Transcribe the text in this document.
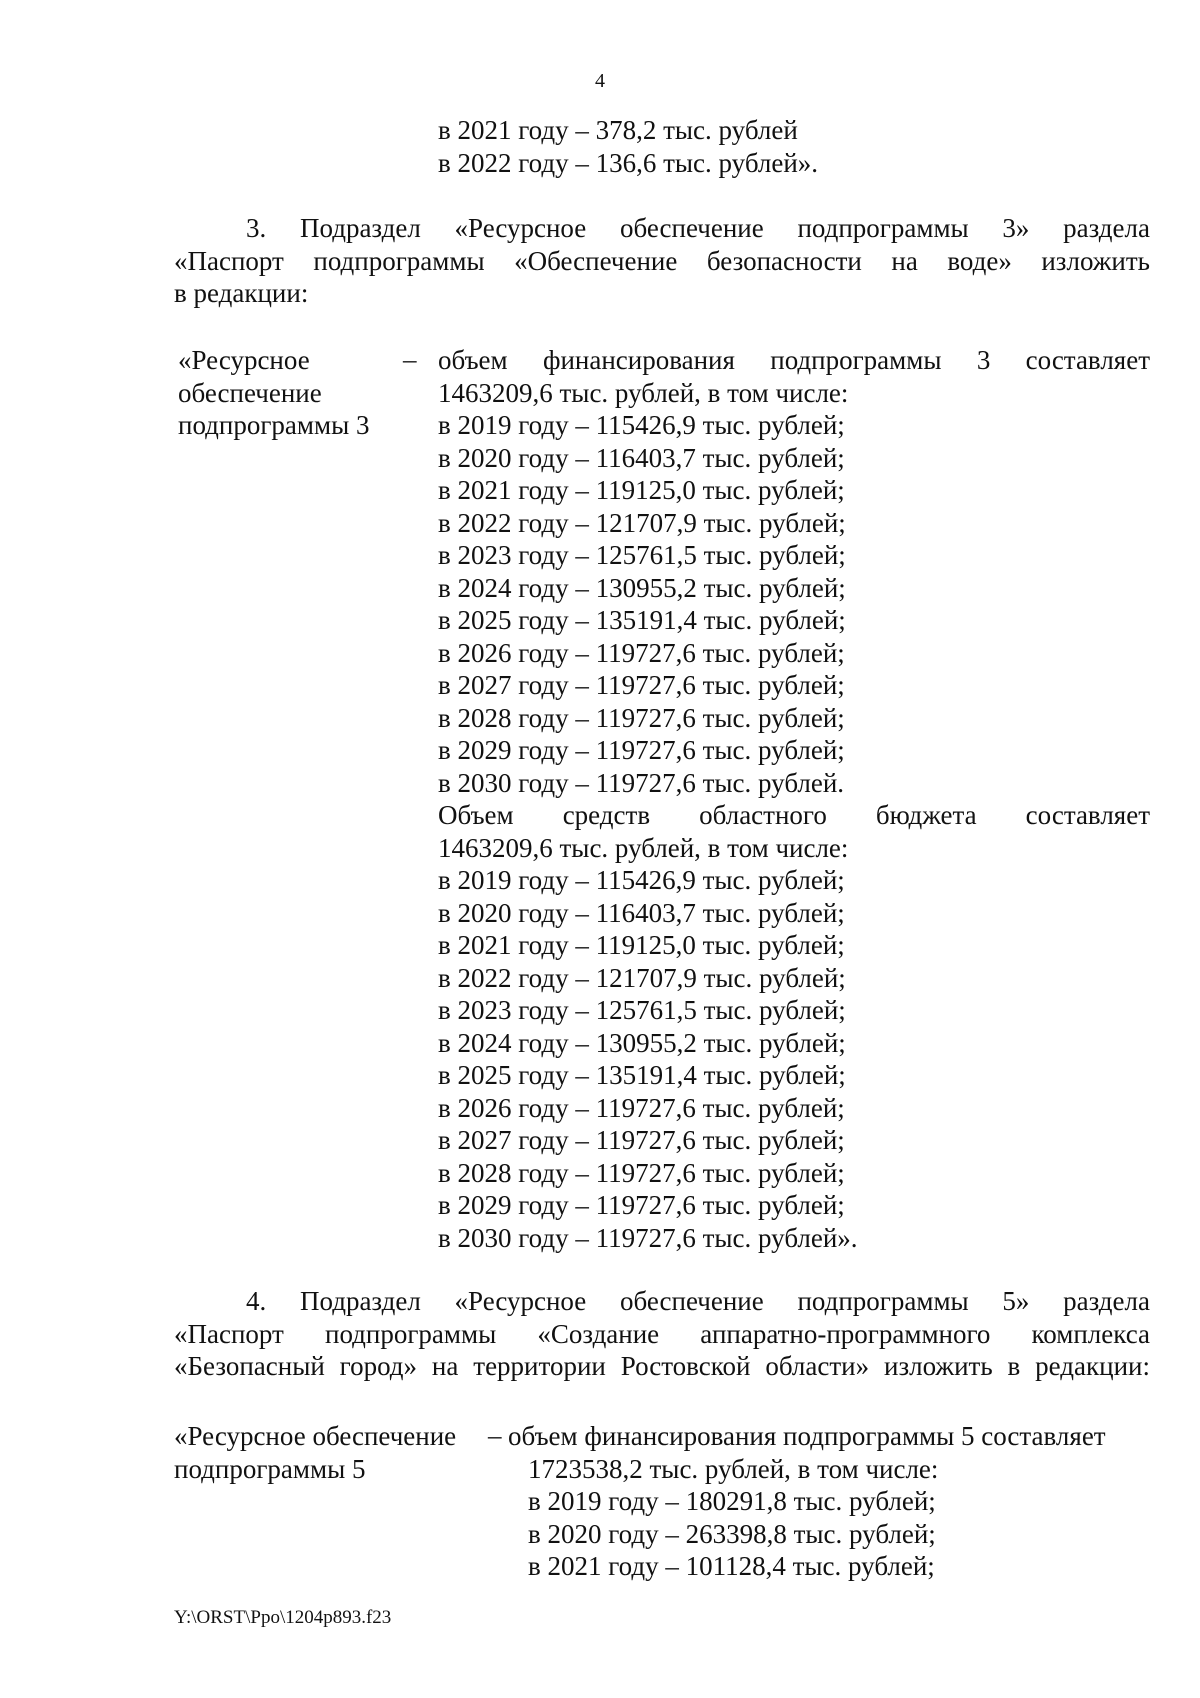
4
в 2021 году – 378,2 тыс. рублей
в 2022 году – 136,6 тыс. рублей».
3. Подраздел «Ресурсное обеспечение подпрограммы 3» раздела
«Паспорт подпрограммы «Обеспечение безопасности на воде» изложить
в редакции:
«Ресурсное
обеспечение
подпрограммы 3
– объем финансирования подпрограммы 3 составляет
1463209,6 тыс. рублей, в том числе:
в 2019 году – 115426,9 тыс. рублей;
в 2020 году – 116403,7 тыс. рублей;
в 2021 году – 119125,0 тыс. рублей;
в 2022 году – 121707,9 тыс. рублей;
в 2023 году – 125761,5 тыс. рублей;
в 2024 году – 130955,2 тыс. рублей;
в 2025 году – 135191,4 тыс. рублей;
в 2026 году – 119727,6 тыс. рублей;
в 2027 году – 119727,6 тыс. рублей;
в 2028 году – 119727,6 тыс. рублей;
в 2029 году – 119727,6 тыс. рублей;
в 2030 году – 119727,6 тыс. рублей.
Объем средств областного бюджета составляет
1463209,6 тыс. рублей, в том числе:
в 2019 году – 115426,9 тыс. рублей;
в 2020 году – 116403,7 тыс. рублей;
в 2021 году – 119125,0 тыс. рублей;
в 2022 году – 121707,9 тыс. рублей;
в 2023 году – 125761,5 тыс. рублей;
в 2024 году – 130955,2 тыс. рублей;
в 2025 году – 135191,4 тыс. рублей;
в 2026 году – 119727,6 тыс. рублей;
в 2027 году – 119727,6 тыс. рублей;
в 2028 году – 119727,6 тыс. рублей;
в 2029 году – 119727,6 тыс. рублей;
в 2030 году – 119727,6 тыс. рублей».
4. Подраздел «Ресурсное обеспечение подпрограммы 5» раздела
«Паспорт подпрограммы «Создание аппаратно-программного комплекса
«Безопасный город» на территории Ростовской области» изложить в редакции:
«Ресурсное обеспечение
подпрограммы 5
– объем финансирования подпрограммы 5 составляет
1723538,2 тыс. рублей, в том числе:
в 2019 году – 180291,8 тыс. рублей;
в 2020 году – 263398,8 тыс. рублей;
в 2021 году – 101128,4 тыс. рублей;
Y:\ORST\Ppo\1204p893.f23
